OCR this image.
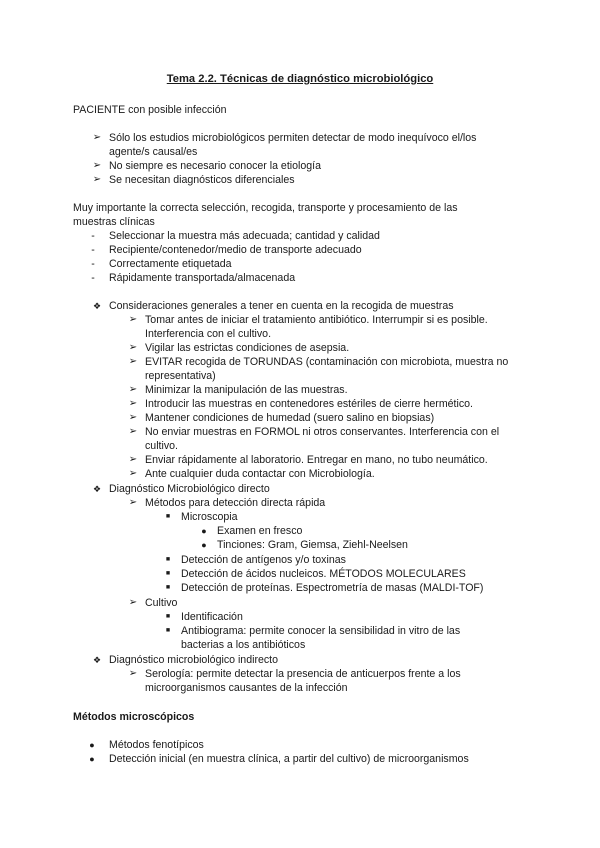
Tema 2.2. Técnicas de diagnóstico microbiológico
PACIENTE con posible infección
➢ Sólo los estudios microbiológicos permiten detectar de modo inequívoco el/los agente/s causal/es
➢ No siempre es necesario conocer la etiología
➢ Se necesitan diagnósticos diferenciales
Muy importante la correcta selección, recogida, transporte y procesamiento de las muestras clínicas
- Seleccionar la muestra más adecuada; cantidad y calidad
- Recipiente/contenedor/medio de transporte adecuado
- Correctamente etiquetada
- Rápidamente transportada/almacenada
❖ Consideraciones generales a tener en cuenta en la recogida de muestras
➢ Tomar antes de iniciar el tratamiento antibiótico. Interrumpir si es posible. Interferencia con el cultivo.
➢ Vigilar las estrictas condiciones de asepsia.
➢ EVITAR recogida de TORUNDAS (contaminación con microbiota, muestra no representativa)
➢ Minimizar la manipulación de las muestras.
➢ Introducir las muestras en contenedores estériles de cierre hermético.
➢ Mantener condiciones de humedad (suero salino en biopsias)
➢ No enviar muestras en FORMOL ni otros conservantes. Interferencia con el cultivo.
➢ Enviar rápidamente al laboratorio. Entregar en mano, no tubo neumático.
➢ Ante cualquier duda contactar con Microbiología.
❖ Diagnóstico Microbiológico directo
➢ Métodos para detección directa rápida
■ Microscopia
● Examen en fresco
● Tinciones: Gram, Giemsa, Ziehl-Neelsen
■ Detección de antígenos y/o toxinas
■ Detección de ácidos nucleicos. MÉTODOS MOLECULARES
■ Detección de proteínas. Espectrometría de masas (MALDI-TOF)
➢ Cultivo
■ Identificación
■ Antibiograma: permite conocer la sensibilidad in vitro de las bacterias a los antibióticos
❖ Diagnóstico microbiológico indirecto
➢ Serología: permite detectar la presencia de anticuerpos frente a los microorganismos causantes de la infección
Métodos microscópicos
● Métodos fenotípicos
● Detección inicial (en muestra clínica, a partir del cultivo) de microorganismos
